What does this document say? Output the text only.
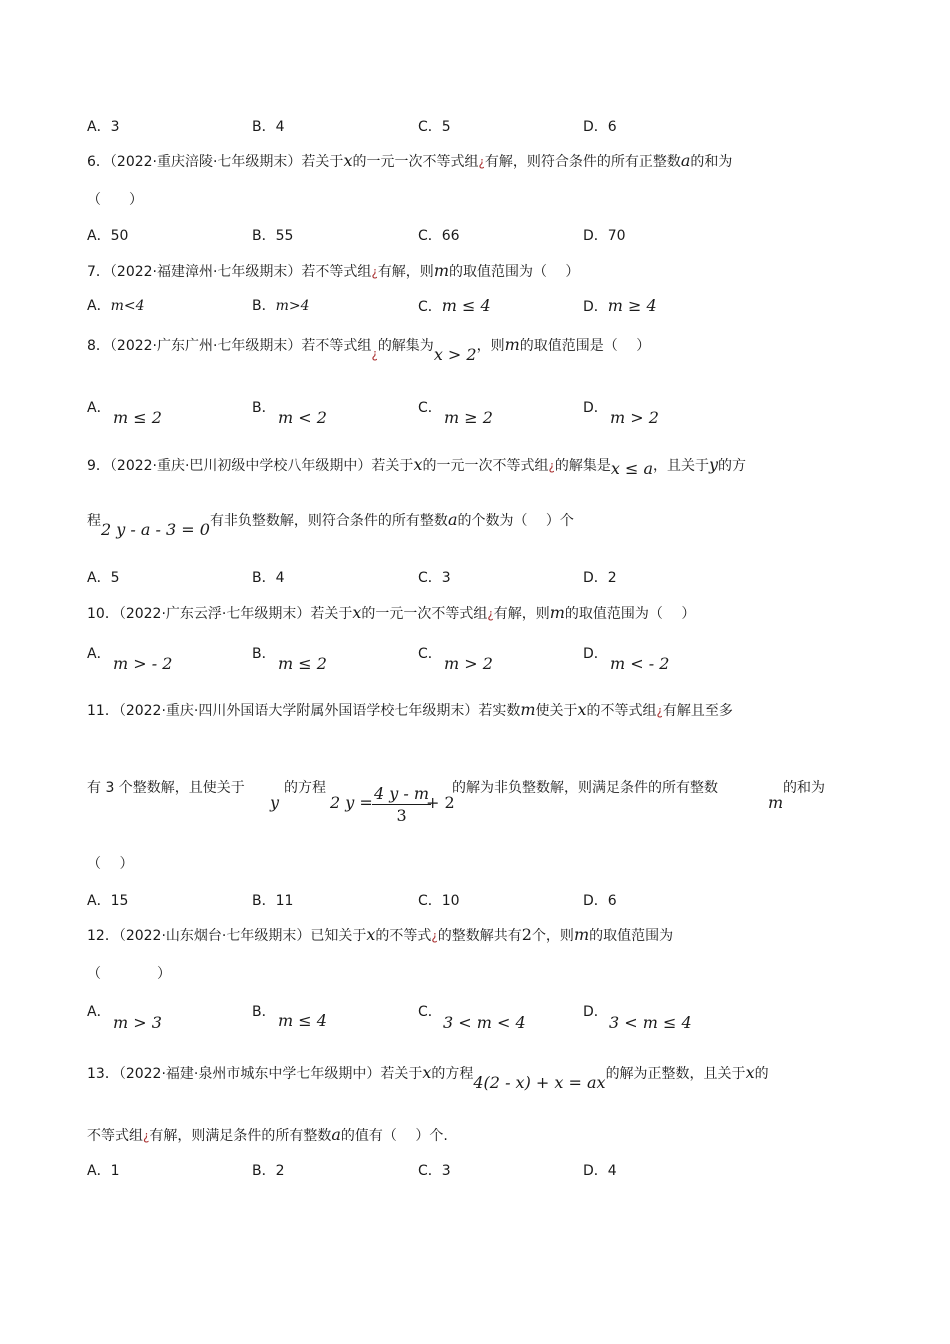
A．3	B．4	C．5	D．6
6．（2022·重庆涪陵·七年级期末）若关于x的一元一次不等式组¿有解，则符合条件的所有正整数a的和为
（　　）
A．50	B．55	C．66	D．70
7．（2022·福建漳州·七年级期末）若不等式组¿有解，则m的取值范围为（　 ）
A．m<4	B．m>4	C．m ≤ 4	D．m ≥ 4
8．（2022·广东广州·七年级期末）若不等式组¿的解集为x > 2，则m的取值范围是（　 ）
A． m ≤ 2	B． m < 2	C． m ≥ 2	D． m > 2
9．（2022·重庆·巴川初级中学校八年级期中）若关于x的一元一次不等式组¿的解集是x ≤ a，且关于y的方
程2 y - a - 3 = 0有非负整数解，则符合条件的所有整数a的个数为（　 ）个
A．5	B．4	C．3	D．2
10．（2022·广东云浮·七年级期末）若关于x的一元一次不等式组¿有解，则m的取值范围为（　 ）
A． m > - 2	B． m ≤ 2	C． m > 2	D． m < - 2
11．（2022·重庆·四川外国语大学附属外国语学校七年级期末）若实数m使关于x的不等式组¿有解且至多
有 3 个整数解，且使关于
y
的方程
2 y = 4 y - m
3
+ 2
的解为非负整数解，则满足条件的所有整数
m
的和为
（　 ）
A．15	B．11	C．10	D．6
12．（2022·山东烟台·七年级期末）已知关于x的不等式¿的整数解共有2个，则m的取值范围为
（　　　　）
A．
m > 3
B． m ≤ 4	C．
3 < m < 4
D．
3 < m ≤ 4
13．（2022·福建·泉州市城东中学七年级期中）若关于x的方程4(2 - x) + x = ax的解为正整数，且关于x的
不等式组¿有解，则满足条件的所有整数a的值有（　 ）个.
A．1	B．2	C．3	D．4
